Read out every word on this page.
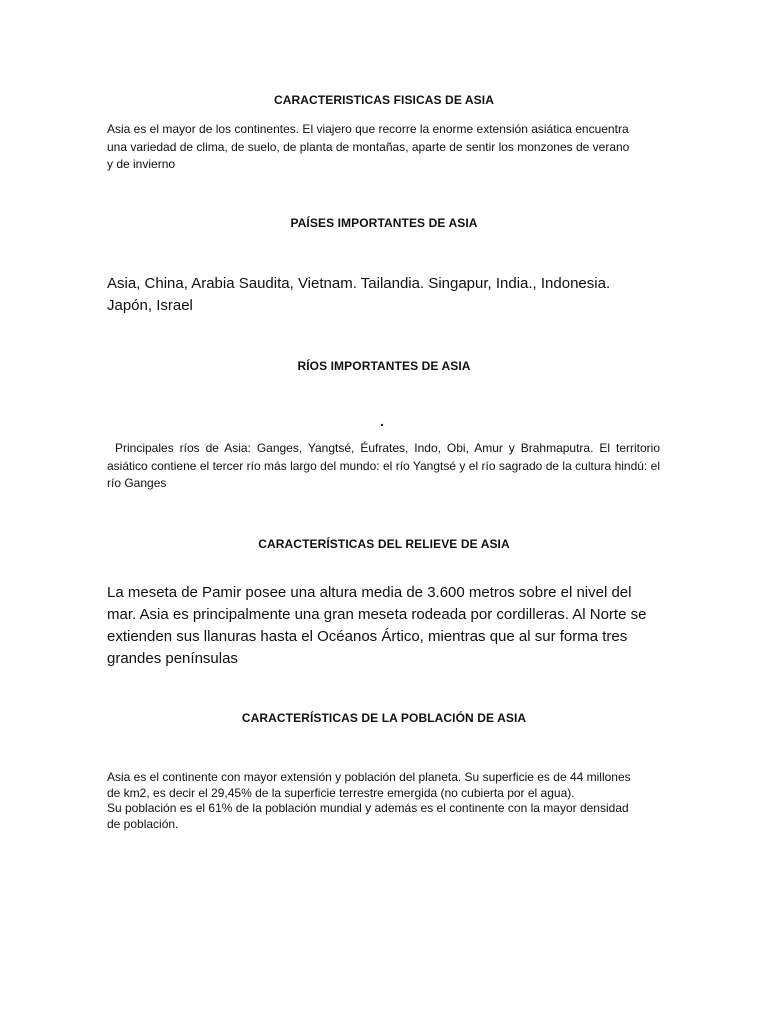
CARACTERISTICAS FISICAS DE ASIA
Asia es el mayor de los continentes. El viajero que recorre la enorme extensión asiática encuentra
una variedad de clima, de suelo, de planta de montañas, aparte de sentir los monzones de verano
y de invierno
PAÍSES IMPORTANTES DE ASIA
Asia, China, Arabia Saudita, Vietnam. Tailandia. Singapur, India., Indonesia.
Japón, Israel
RÍOS IMPORTANTES DE ASIA
.
Principales ríos de Asia: Ganges, Yangtsé, Éufrates, Indo, Obi, Amur y Brahmaputra. El territorio asiático contiene el tercer río más largo del mundo: el río Yangtsé y el río sagrado de la cultura hindú: el río Ganges
CARACTERÍSTICAS DEL RELIEVE DE ASIA
La meseta de Pamir posee una altura media de 3.600 metros sobre el nivel del
mar. Asia es principalmente una gran meseta rodeada por cordilleras. Al Norte se
extienden sus llanuras hasta el Océanos Ártico, mientras que al sur forma tres
grandes penínsulas
CARACTERÍSTICAS DE LA POBLACIÓN DE ASIA
Asia es el continente con mayor extensión y población del planeta. Su superficie es de 44 millones
de km2, es decir el 29,45% de la superficie terrestre emergida (no cubierta por el agua).
Su población es el 61% de la población mundial y además es el continente con la mayor densidad
de población.
